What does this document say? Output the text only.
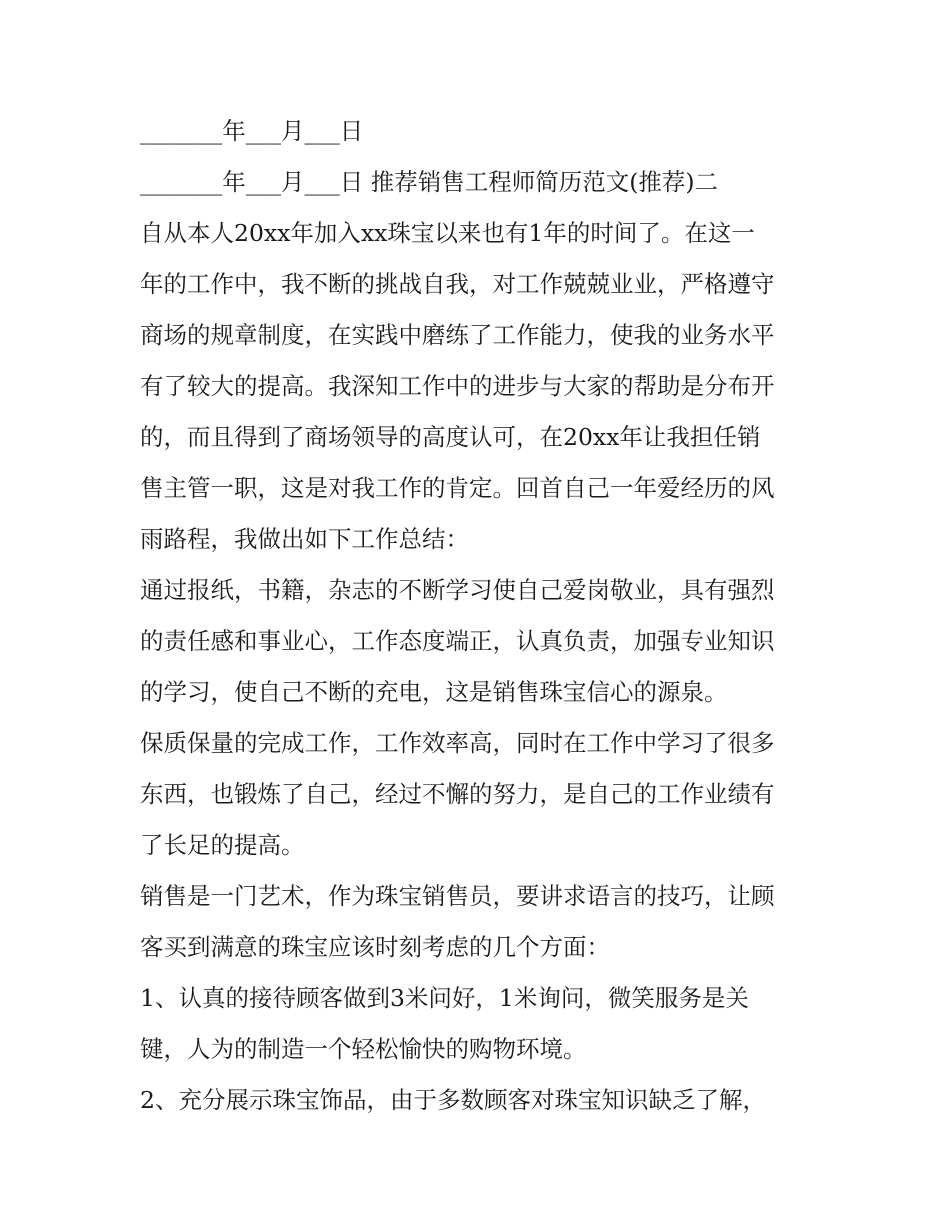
_______年___月___日
_______年___月___日 推荐销售工程师简历范文(推荐)二
自从本人20xx年加入xx珠宝以来也有1年的时间了。在这一
年的工作中，我不断的挑战自我，对工作兢兢业业，严格遵守
商场的规章制度，在实践中磨练了工作能力，使我的业务水平
有了较大的提高。我深知工作中的进步与大家的帮助是分布开
的，而且得到了商场领导的高度认可，在20xx年让我担任销
售主管一职，这是对我工作的肯定。回首自己一年爱经历的风
雨路程，我做出如下工作总结：
通过报纸，书籍，杂志的不断学习使自己爱岗敬业，具有强烈
的责任感和事业心，工作态度端正，认真负责，加强专业知识
的学习，使自己不断的充电，这是销售珠宝信心的源泉。
保质保量的完成工作，工作效率高，同时在工作中学习了很多
东西，也锻炼了自己，经过不懈的努力，是自己的工作业绩有
了长足的提高。
销售是一门艺术，作为珠宝销售员，要讲求语言的技巧，让顾
客买到满意的珠宝应该时刻考虑的几个方面：
1、认真的接待顾客做到3米问好，1米询问，微笑服务是关
键，人为的制造一个轻松愉快的购物环境。
2、充分展示珠宝饰品，由于多数顾客对珠宝知识缺乏了解，
